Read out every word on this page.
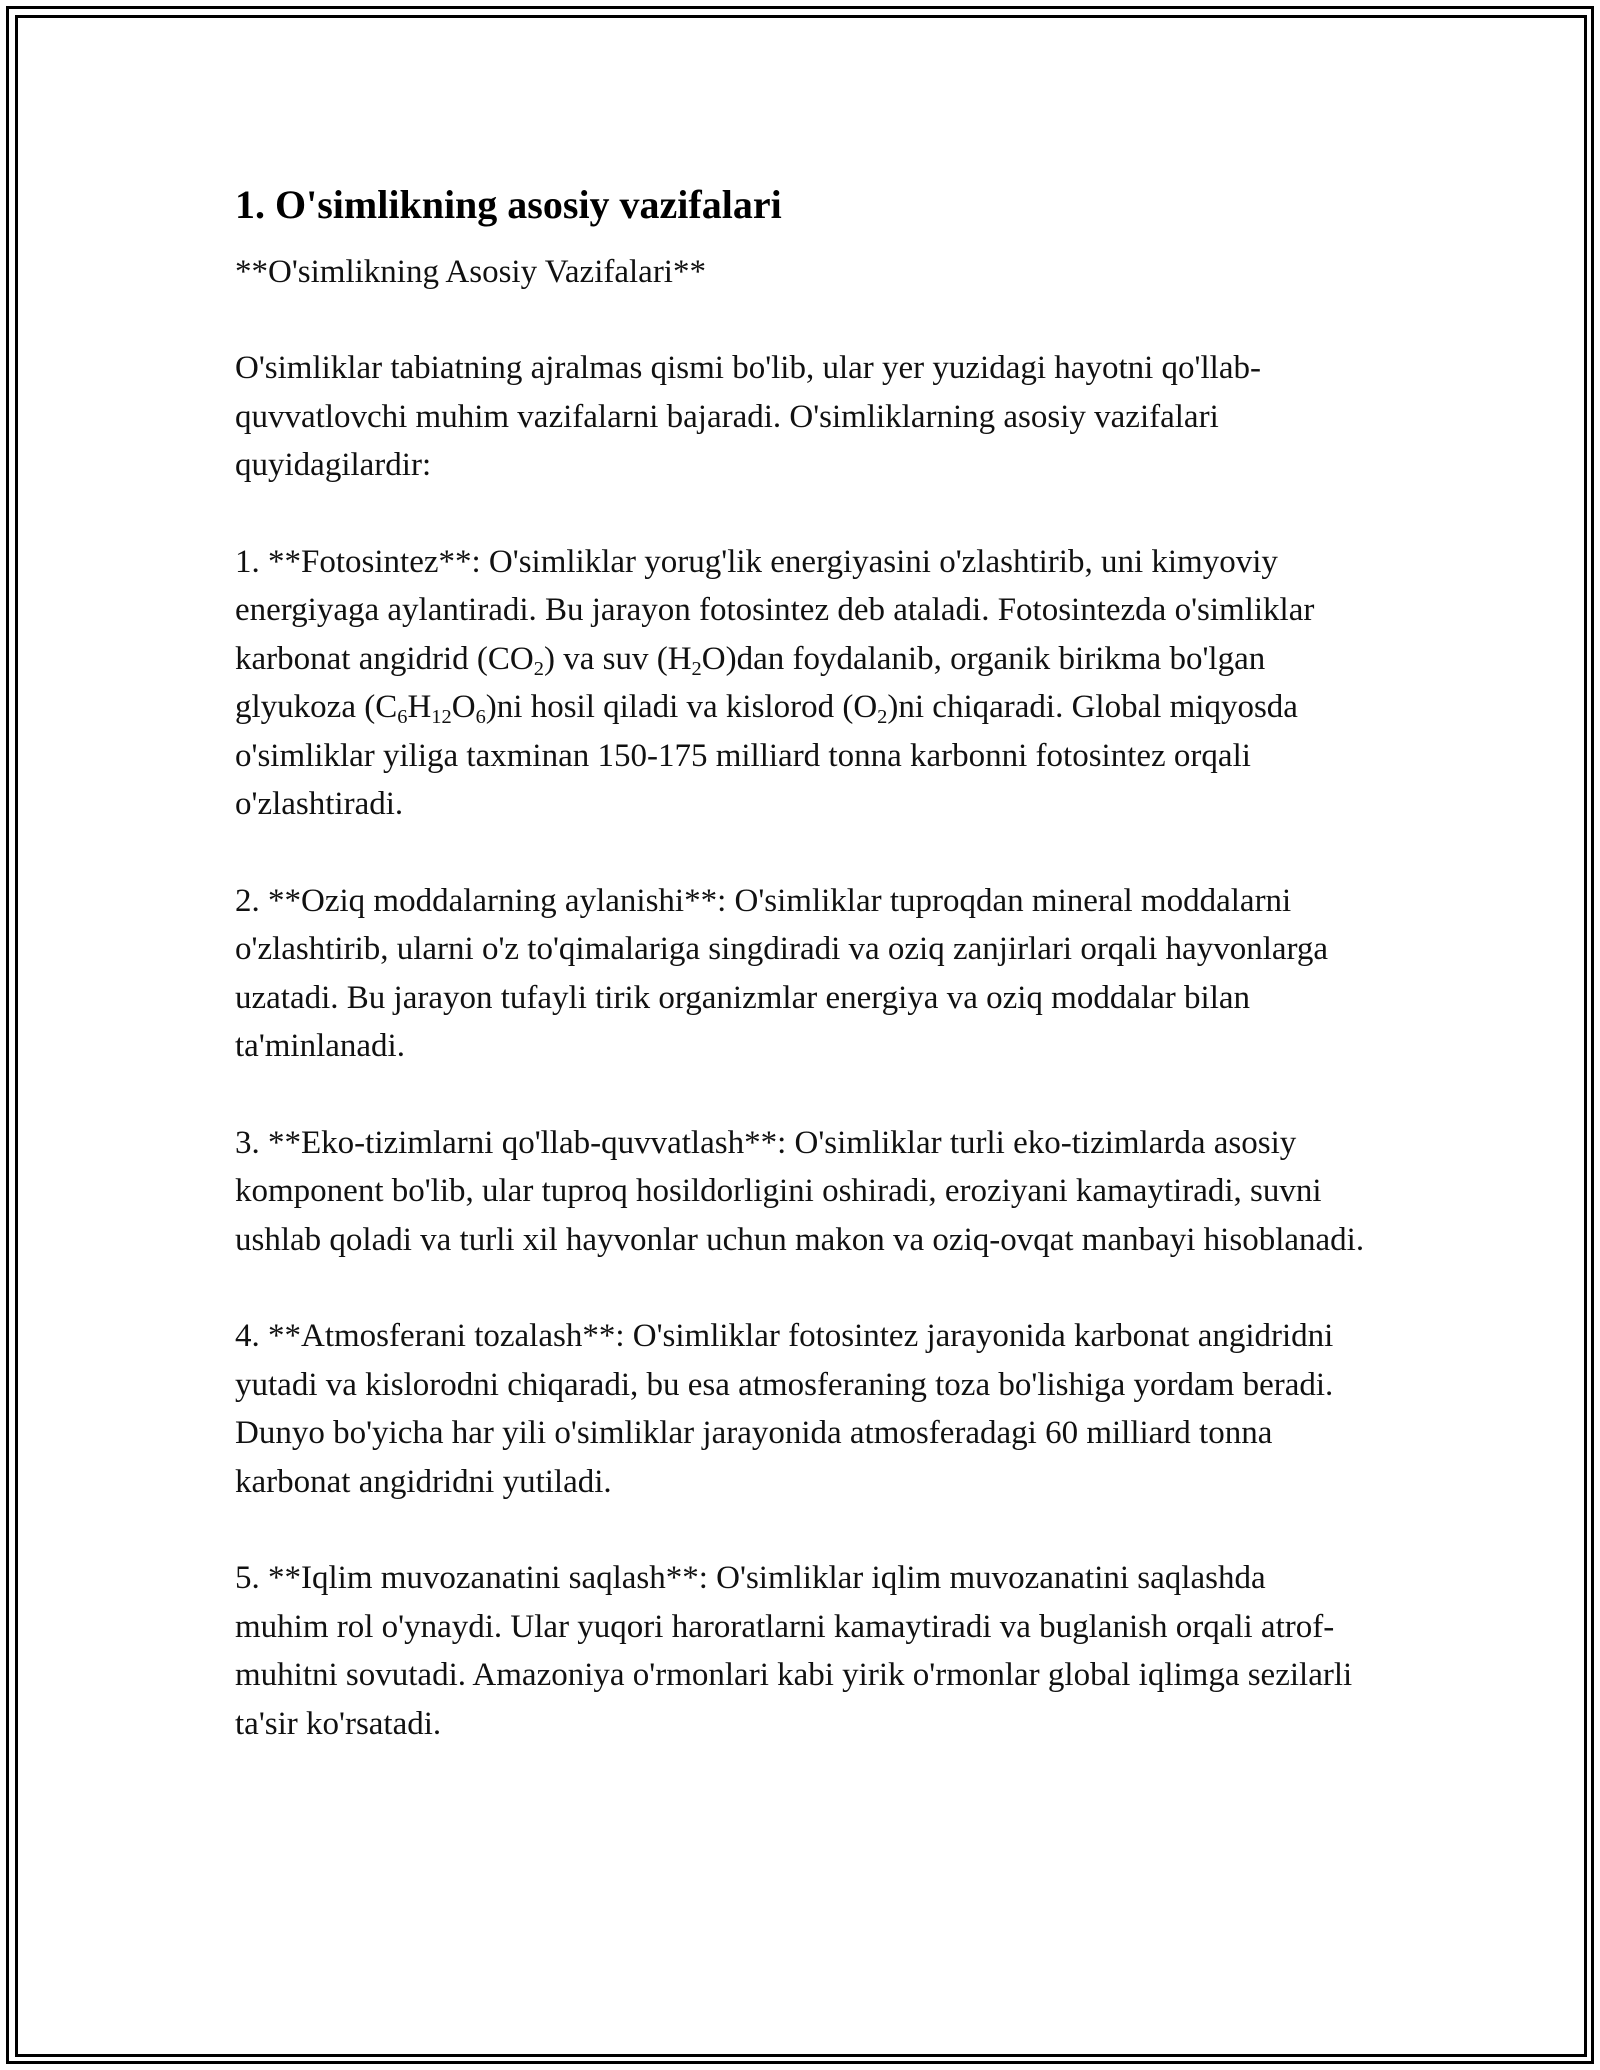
1. O'simlikning asosiy vazifalari

**O'simlikning Asosiy Vazifalari**

O'simliklar tabiatning ajralmas qismi bo'lib, ular yer yuzidagi hayotni qo'llab-quvvatlovchi muhim vazifalarni bajaradi. O'simliklarning asosiy vazifalari quyidagilardir:

1. **Fotosintez**: O'simliklar yorug'lik energiyasini o'zlashtirib, uni kimyoviy energiyaga aylantiradi. Bu jarayon fotosintez deb ataladi. Fotosintezda o'simliklar karbonat angidrid $(CO_2)$ va suv $(H_2O)dan$ foydalanib, organik birikma bo'lgan glyukoza $(C_6H_{12}O_6)ni$ hosil qiladi va kislorod $(O_2)ni$ chiqaradi. Global miqyosda o'simliklar yiliga taxminan 150-175 milliard tonna karbonni fotosintez orqali o'zlashtiradi.

2. **Oziq moddalarning aylanishi**: O'simliklar tuproqdan mineral moddalarni o'zlashtirib, ularni o'z to'qimalariga singdiradi va oziq zanjirlari orqali hayvonlarga uzatadi. Bu jarayon tufayli tirik organizmlar energiya va oziq moddalar bilan ta'minlanadi.

3. **Eko-tizimlarni qo'llab-quvvatlash**: O'simliklar turli eko-tizimlarda asosiy komponent bo'lib, ular tuproq hosildorligini oshiradi, eroziyani kamaytiradi, suvni ushlab qoladi va turli xil hayvonlar uchun makon va oziq-ovqat manbayi hisoblanadi.

4. **Atmosferani tozalash**: O'simliklar fotosintez jarayonida karbonat angidridni yutadi va kislorodni chiqaradi, bu esa atmosferaning toza bo'lishiga yordam beradi. Dunyo bo'yicha har yili o'simliklar jarayonida atmosferadagi 60 milliard tonna karbonat angidridni yutiladi.

5. **Iqlim muvozanatini saqlash**: O'simliklar iqlim muvozanatini saqlashda muhim rol o'ynaydi. Ular yuqori haroratlarni kamaytiradi va buglanish orqali atrof-muhitni sovutadi. Amazoniya o'rmonlari kabi yirik o'rmonlar global iqlimga sezilarli ta'sir ko'rsatadi.
